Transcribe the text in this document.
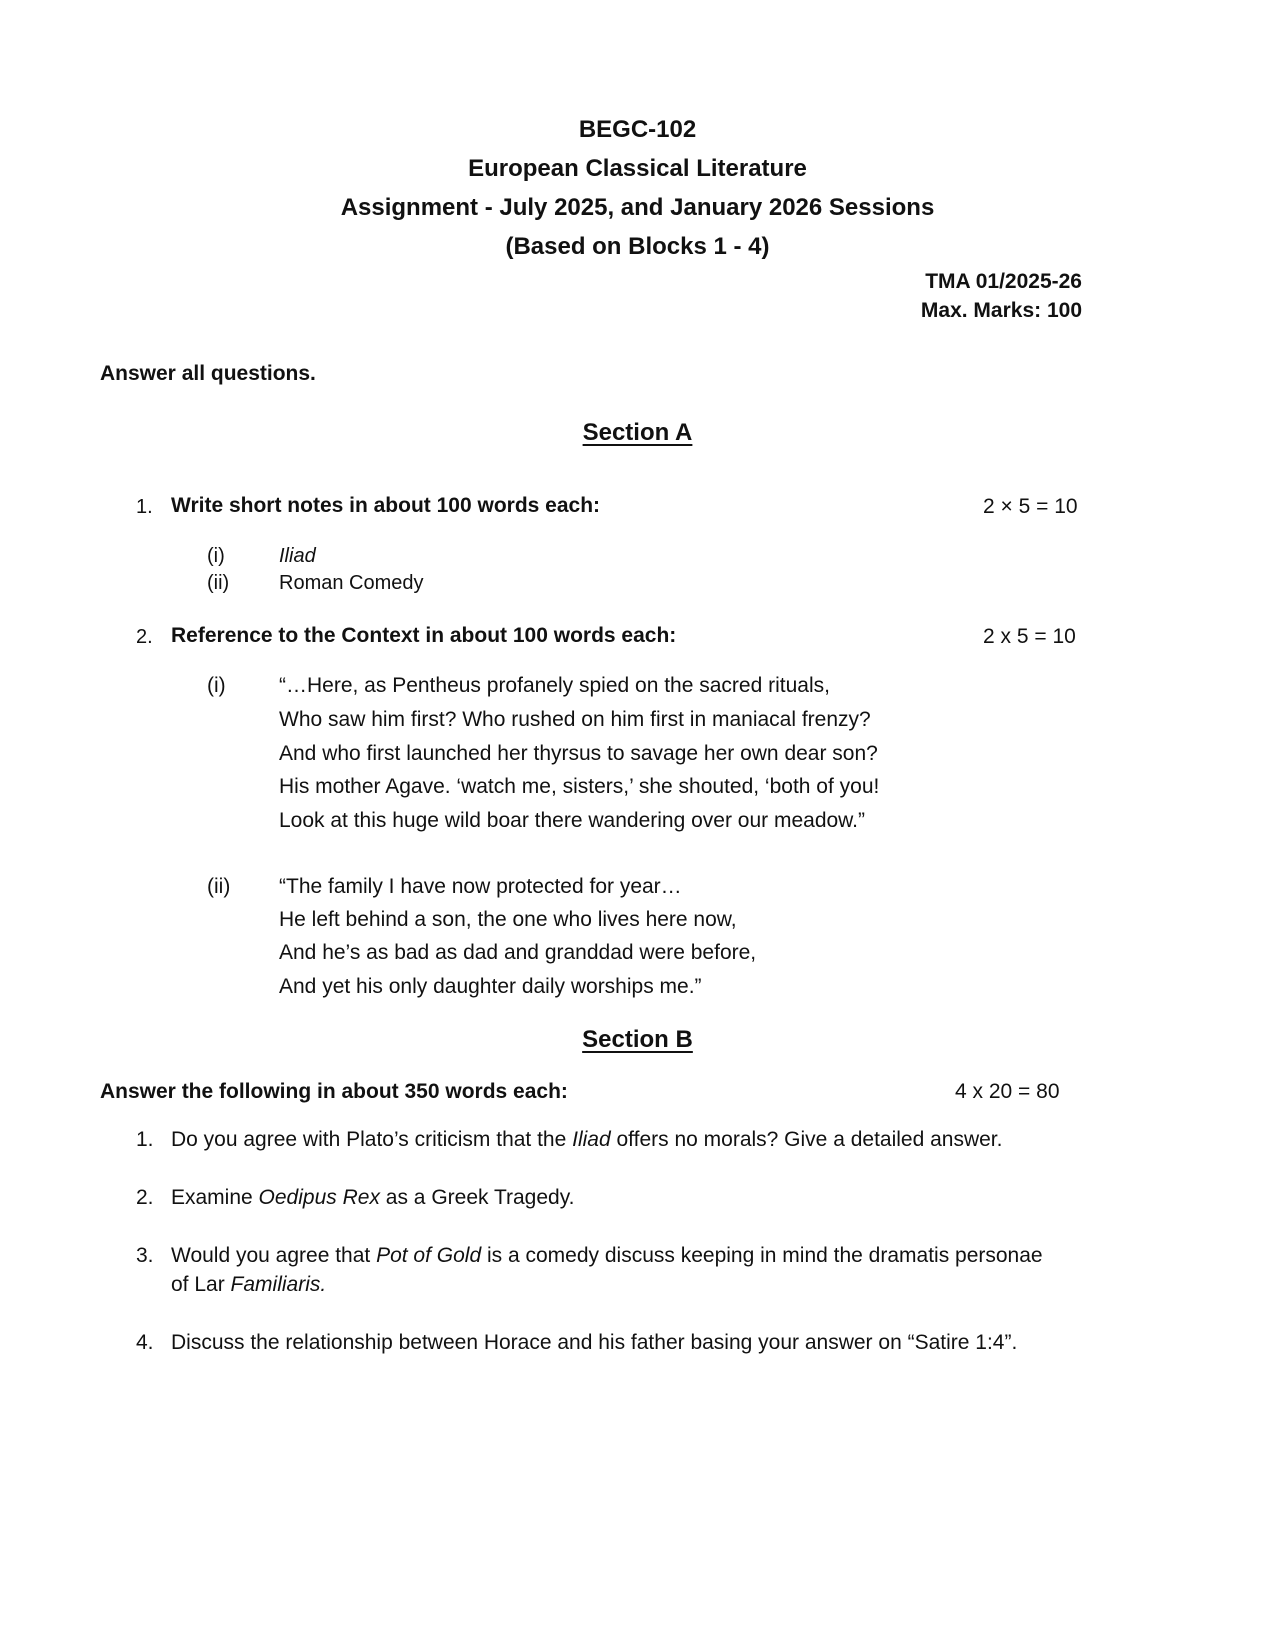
BEGC-102
European Classical Literature
Assignment - July 2025, and January 2026 Sessions
(Based on Blocks 1 - 4)
TMA 01/2025-26
Max. Marks: 100
Answer all questions.
Section A
1. Write short notes in about 100 words each:	2 × 5 = 10
(i)	Iliad
(ii) Roman Comedy
2. Reference to the Context in about 100 words each:	2 x 5 = 10
(i)	“…Here, as Pentheus profanely spied on the sacred rituals,
Who saw him first? Who rushed on him first in maniacal frenzy?
And who first launched her thyrsus to savage her own dear son?
His mother Agave. ‘watch me, sisters,’ she shouted, ‘both of you!
Look at this huge wild boar there wandering over our meadow.”
(ii) “The family I have now protected for year…
He left behind a son, the one who lives here now,
And he’s as bad as dad and granddad were before,
And yet his only daughter daily worships me.”
Section B
Answer the following in about 350 words each:	4 x 20 = 80
1. Do you agree with Plato’s criticism that the Iliad offers no morals? Give a detailed answer.
2. Examine Oedipus Rex as a Greek Tragedy.
3. Would you agree that Pot of Gold is a comedy discuss keeping in mind the dramatis personae
of Lar Familiaris.
4. Discuss the relationship between Horace and his father basing your answer on “Satire 1:4”.
